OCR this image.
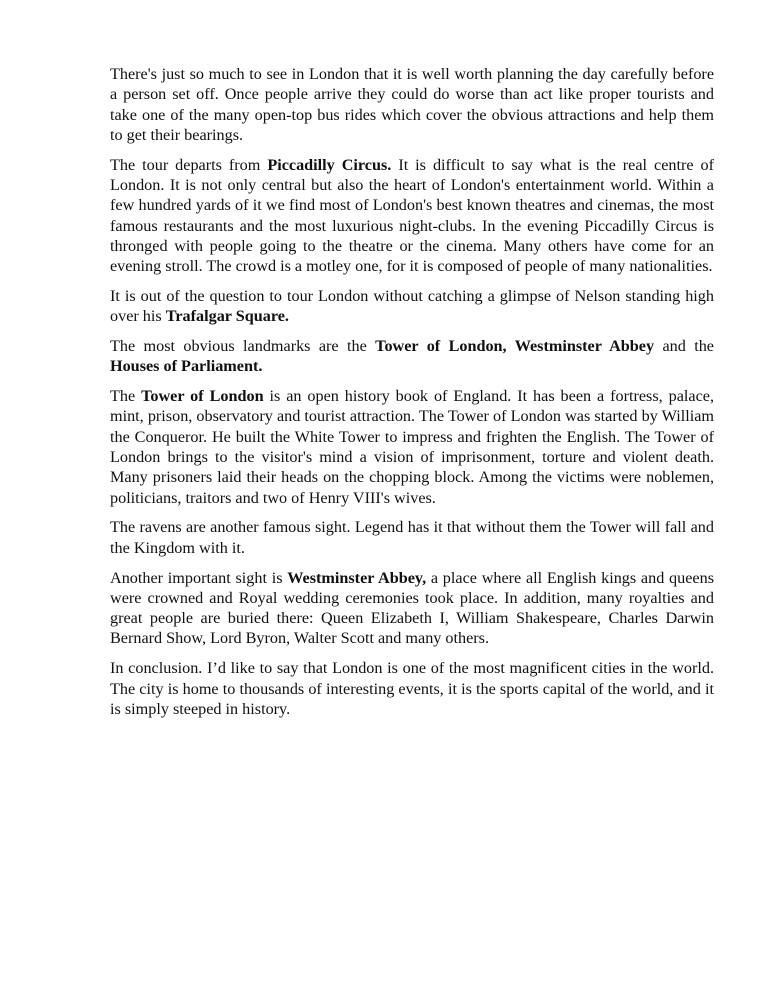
There's just so much to see in London that it is well worth planning the day carefully before a person set off. Once people arrive they could do worse than act like proper tourists and take one of the many open-top bus rides which cover the obvious attractions and help them to get their bearings.

The tour departs from Piccadilly Circus. It is difficult to say what is the real centre of London. It is not only central but also the heart of London's entertainment world. Within a few hundred yards of it we find most of London's best known theatres and cinemas, the most famous restaurants and the most luxurious night-clubs. In the evening Piccadilly Circus is thronged with people going to the theatre or the cinema. Many others have come for an evening stroll. The crowd is a motley one, for it is composed of people of many nationalities.

It is out of the question to tour London without catching a glimpse of Nelson standing high over his Trafalgar Square.

The most obvious landmarks are the Tower of London, Westminster Abbey and the Houses of Parliament.

The Tower of London is an open history book of England. It has been a fortress, palace, mint, prison, observatory and tourist attraction. The Tower of London was started by William the Conqueror. He built the White Tower to impress and frighten the English. The Tower of London brings to the visitor's mind a vision of imprisonment, torture and violent death. Many prisoners laid their heads on the chopping block. Among the victims were noblemen, politicians, traitors and two of Henry VIII's wives.

The ravens are another famous sight. Legend has it that without them the Tower will fall and the Kingdom with it.

Another important sight is Westminster Abbey, a place where all English kings and queens were crowned and Royal wedding ceremonies took place. In addition, many royalties and great people are buried there: Queen Elizabeth I, William Shakespeare, Charles Darwin Bernard Show, Lord Byron, Walter Scott and many others.

In conclusion. I’d like to say that London is one of the most magnificent cities in the world. The city is home to thousands of interesting events, it is the sports capital of the world, and it is simply steeped in history.
